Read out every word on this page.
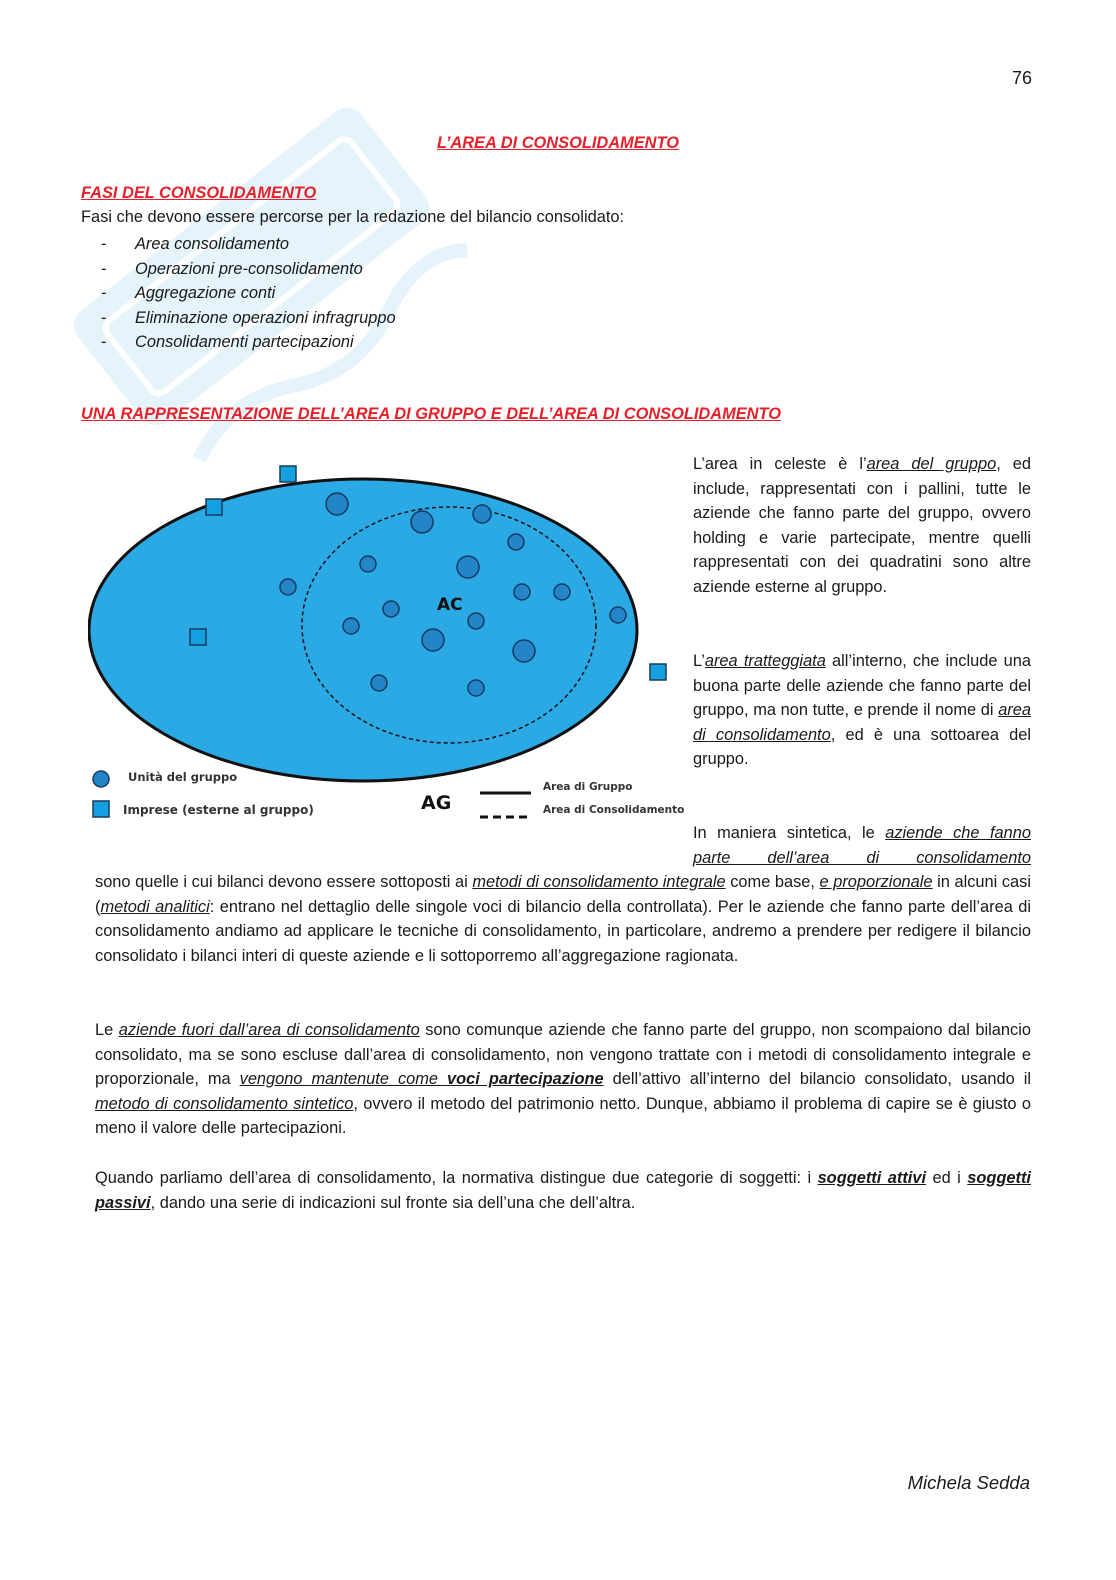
76
L’AREA DI CONSOLIDAMENTO
FASI DEL CONSOLIDAMENTO
Fasi che devono essere percorse per la redazione del bilancio consolidato:
- Area consolidamento
- Operazioni pre-consolidamento
- Aggregazione conti
- Eliminazione operazioni infragruppo
- Consolidamenti partecipazioni
UNA RAPPRESENTAZIONE DELL’AREA DI GRUPPO E DELL’AREA DI CONSOLIDAMENTO
AC
AG
Unità del gruppo
Imprese (esterne al gruppo)
Area di Gruppo
Area di Consolidamento

L’area in celeste è l’area del gruppo, ed include, rappresentati con i pallini, tutte le aziende che fanno parte del gruppo, ovvero holding e varie partecipate, mentre quelli rappresentati con dei quadratini sono altre aziende esterne al gruppo.

L’area tratteggiata all’interno, che include una buona parte delle aziende che fanno parte del gruppo, ma non tutte, e prende il nome di area di consolidamento, ed è una sottoarea del gruppo.

In maniera sintetica, le aziende che fanno parte dell’area di consolidamento

sono quelle i cui bilanci devono essere sottoposti ai metodi di consolidamento integrale come base, e proporzionale in alcuni casi (metodi analitici: entrano nel dettaglio delle singole voci di bilancio della controllata). Per le aziende che fanno parte dell’area di consolidamento andiamo ad applicare le tecniche di consolidamento, in particolare, andremo a prendere per redigere il bilancio consolidato i bilanci interi di queste aziende e li sottoporremo all’aggregazione ragionata.

Le aziende fuori dall’area di consolidamento sono comunque aziende che fanno parte del gruppo, non scompaiono dal bilancio consolidato, ma se sono escluse dall’area di consolidamento, non vengono trattate con i metodi di consolidamento integrale e proporzionale, ma vengono mantenute come voci partecipazione dell’attivo all’interno del bilancio consolidato, usando il metodo di consolidamento sintetico, ovvero il metodo del patrimonio netto. Dunque, abbiamo il problema di capire se è giusto o meno il valore delle partecipazioni.

Quando parliamo dell’area di consolidamento, la normativa distingue due categorie di soggetti: i soggetti attivi ed i soggetti passivi, dando una serie di indicazioni sul fronte sia dell’una che dell’altra.

Michela Sedda
